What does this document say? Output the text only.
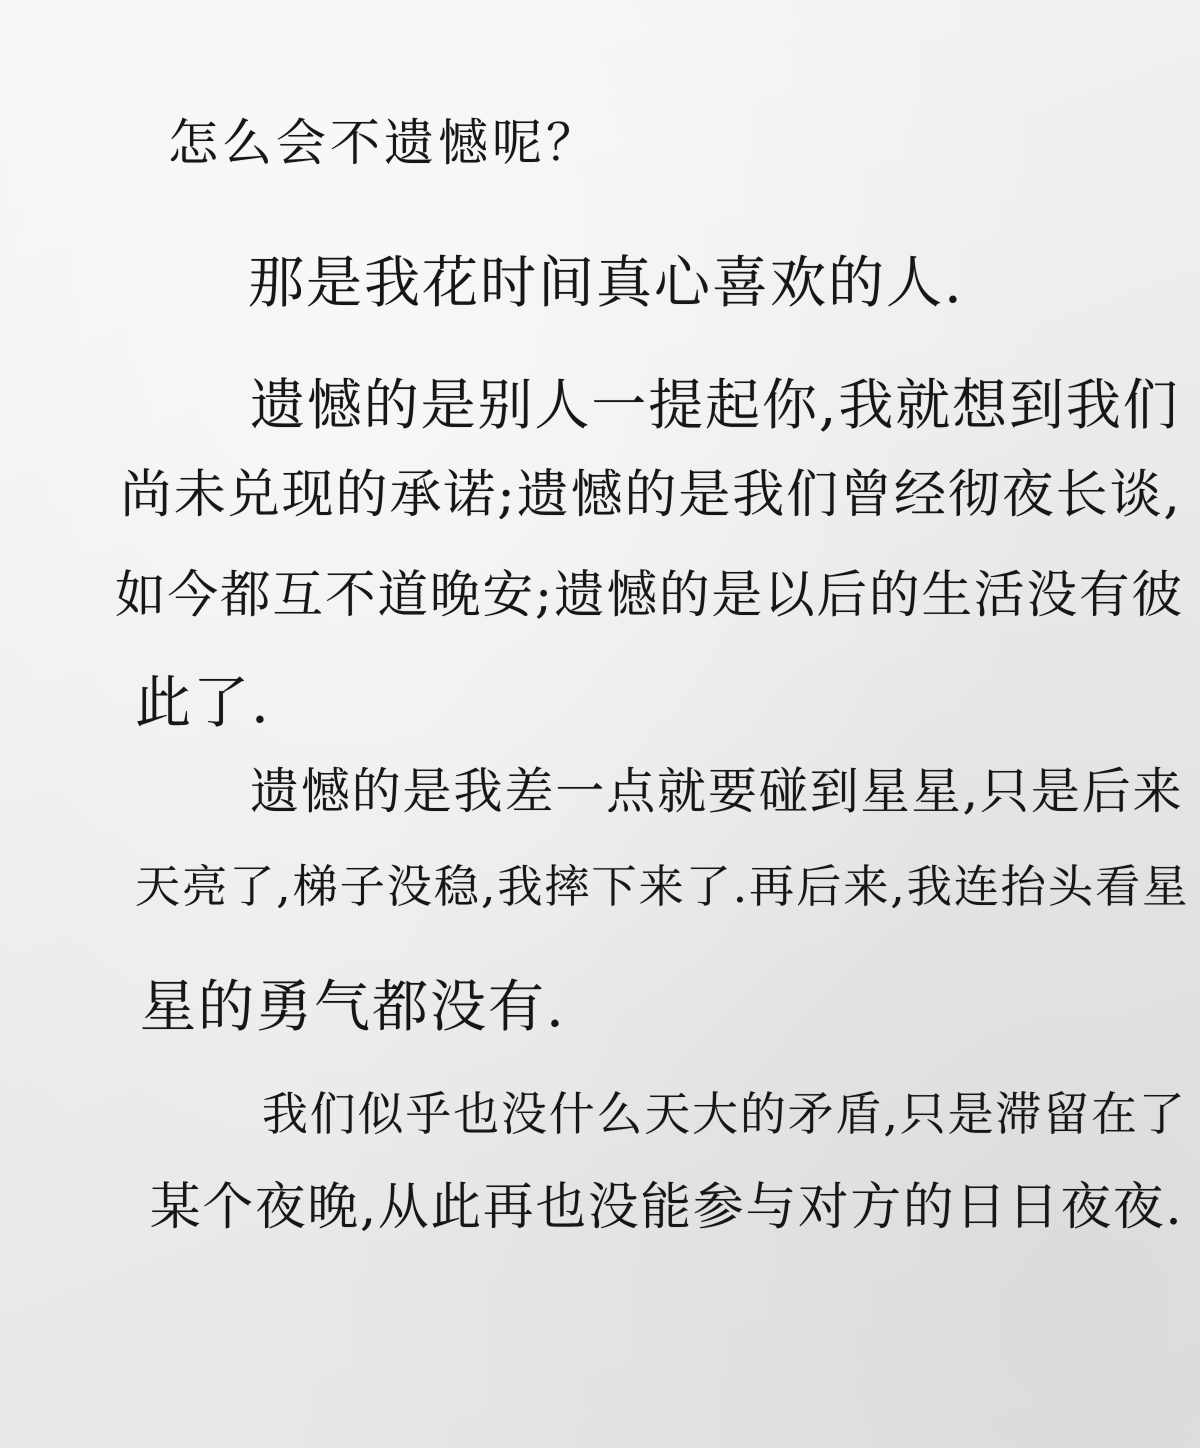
怎么会不遗憾呢？
那是我花时间真心喜欢的人.
遗憾的是别人一提起你,我就想到我们
尚未兑现的承诺;遗憾的是我们曾经彻夜长谈,
如今都互不道晚安;遗憾的是以后的生活没有彼
此了.
遗憾的是我差一点就要碰到星星,只是后来
天亮了,梯子没稳,我摔下来了.再后来,我连抬头看星
星的勇气都没有.
我们似乎也没什么天大的矛盾,只是滞留在了
某个夜晚,从此再也没能参与对方的日日夜夜.
